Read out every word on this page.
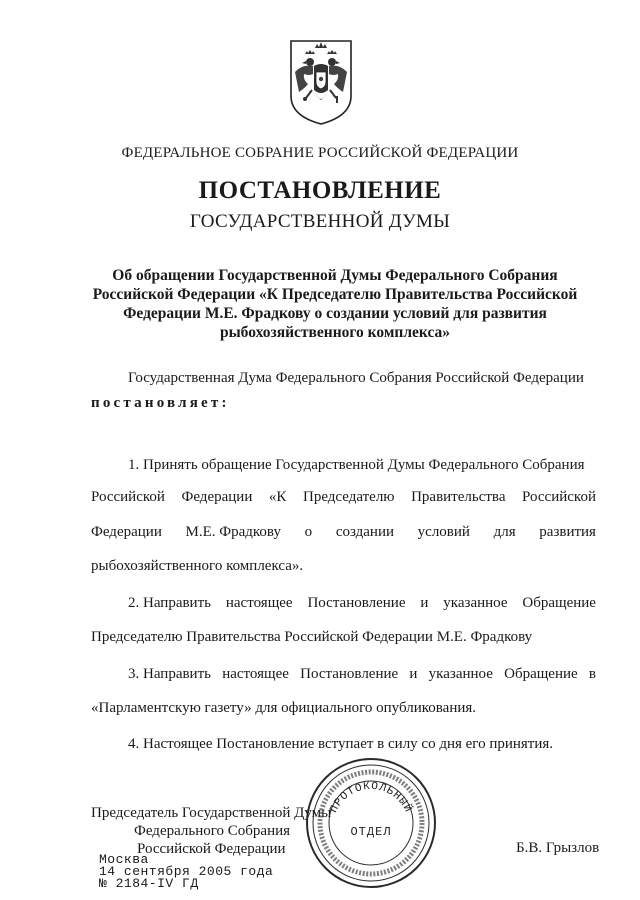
ФЕДЕРАЛЬНОЕ СОБРАНИЕ РОССИЙСКОЙ ФЕДЕРАЦИИ
ПОСТАНОВЛЕНИЕ
ГОСУДАРСТВЕННОЙ ДУМЫ
Об обращении Государственной Думы Федерального Собрания
Российской Федерации «К Председателю Правительства Российской
Федерации М.Е. Фрадкову о создании условий для развития
рыбохозяйственного комплекса»
Государственная Дума Федерального Собрания Российской Федерации
постановляет:
1. Принять обращение Государственной Думы Федерального Собрания
Российской Федерации «К Председателю Правительства Российской
Федерации М.Е. Фрадкову о создании условий для развития
рыбохозяйственного комплекса».
2. Направить настоящее Постановление и указанное Обращение
Председателю Правительства Российской Федерации М.Е. Фрадкову
3. Направить настоящее Постановление и указанное Обращение в
«Парламентскую газету» для официального опубликования.
4. Настоящее Постановление вступает в силу со дня его принятия.
Председатель Государственной Думы
Федерального Собрания
Российской Федерации	Б.В. Грызлов
Москва
14 сентября 2005 года
№ 2184-IV ГД
ПРОТОКОЛЬНЫЙ
ОТДЕЛ
